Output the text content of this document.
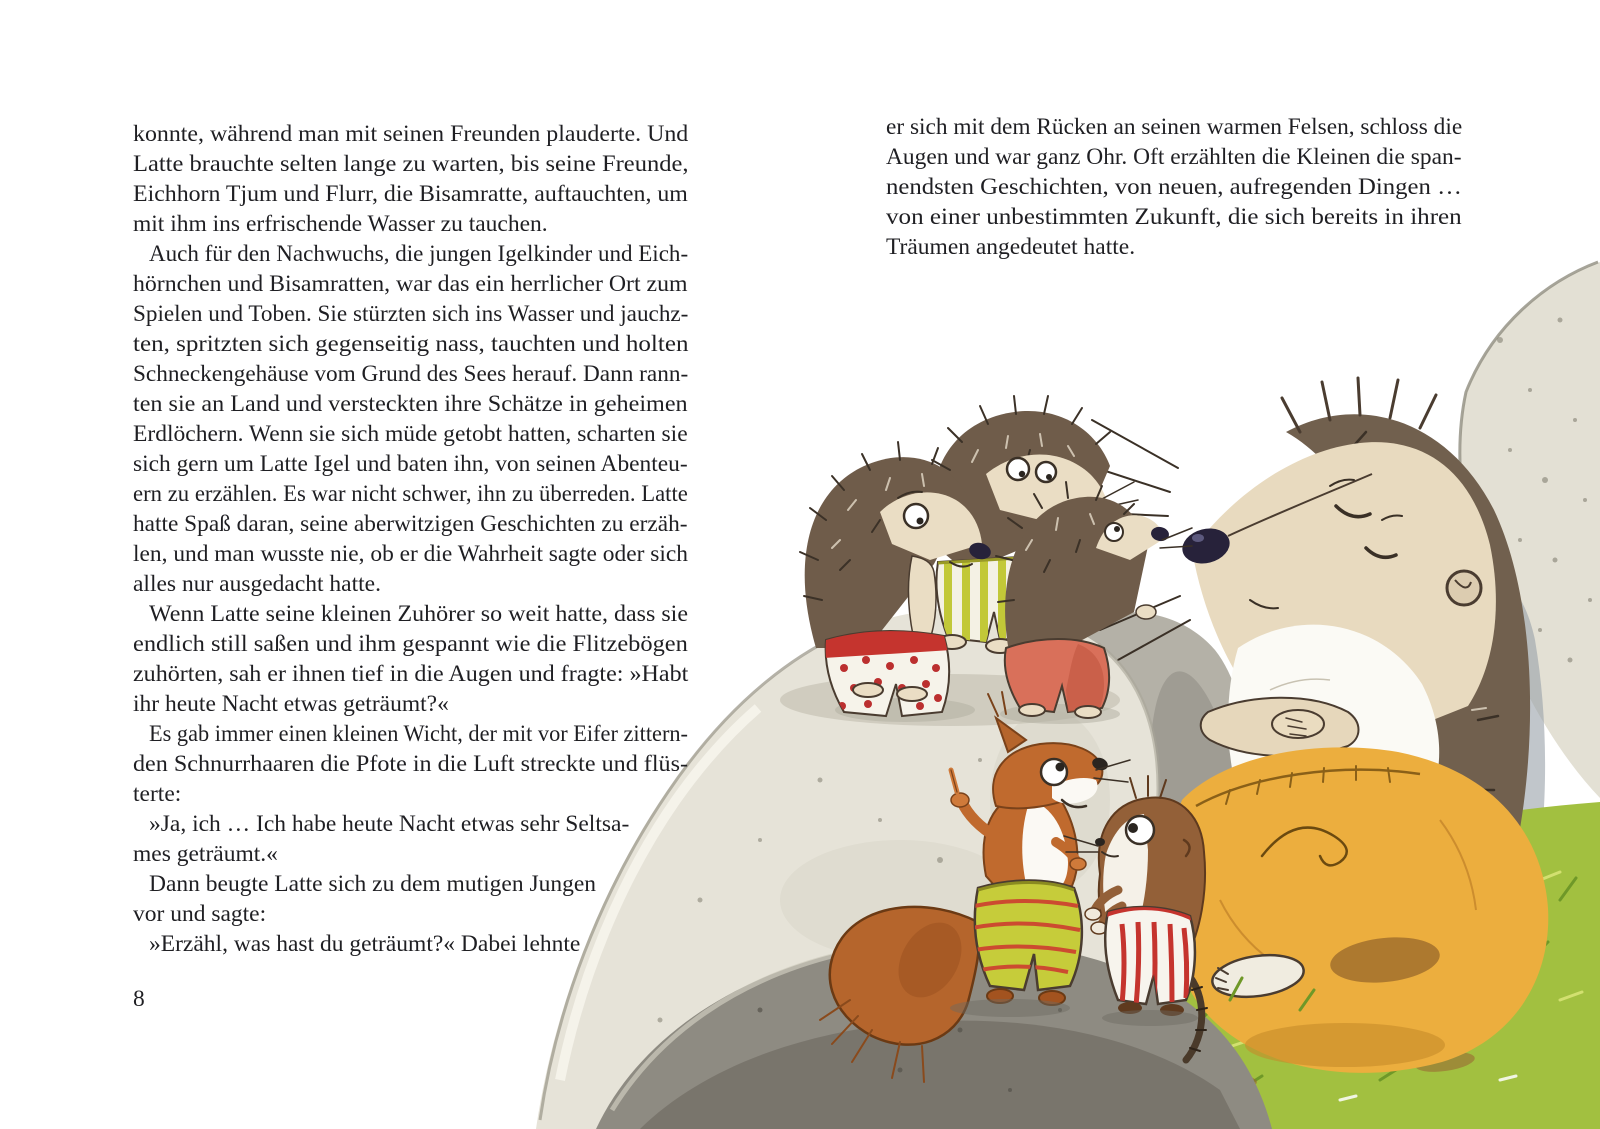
konnte, während man mit seinen Freunden plauderte. Und
Latte brauchte selten lange zu warten, bis seine Freunde,
Eichhorn Tjum und Flurr, die Bisamratte, auftauchten, um
mit ihm ins erfrischende Wasser zu tauchen.
Auch für den Nachwuchs, die jungen Igelkinder und Eich-
hörnchen und Bisamratten, war das ein herrlicher Ort zum
Spielen und Toben. Sie stürzten sich ins Wasser und jauchz-
ten, spritzten sich gegenseitig nass, tauchten und holten
Schneckengehäuse vom Grund des Sees herauf. Dann rann-
ten sie an Land und versteckten ihre Schätze in geheimen
Erdlöchern. Wenn sie sich müde getobt hatten, scharten sie
sich gern um Latte Igel und baten ihn, von seinen Abenteu-
ern zu erzählen. Es war nicht schwer, ihn zu überreden. Latte
hatte Spaß daran, seine aberwitzigen Geschichten zu erzäh-
len, und man wusste nie, ob er die Wahrheit sagte oder sich
alles nur ausgedacht hatte.
Wenn Latte seine kleinen Zuhörer so weit hatte, dass sie
endlich still saßen und ihm gespannt wie die Flitzebögen
zuhörten, sah er ihnen tief in die Augen und fragte: »Habt
ihr heute Nacht etwas geträumt?«
Es gab immer einen kleinen Wicht, der mit vor Eifer zittern-
den Schnurrhaaren die Pfote in die Luft streckte und flüs-
terte:
»Ja, ich … Ich habe heute Nacht etwas sehr Seltsa-
mes geträumt.«
Dann beugte Latte sich zu dem mutigen Jungen
vor und sagte:
»Erzähl, was hast du geträumt?« Dabei lehnte
er sich mit dem Rücken an seinen warmen Felsen, schloss die
Augen und war ganz Ohr. Oft erzählten die Kleinen die span-
nendsten Geschichten, von neuen, aufregenden Dingen …
von einer unbestimmten Zukunft, die sich bereits in ihren
Träumen angedeutet hatte.
8
